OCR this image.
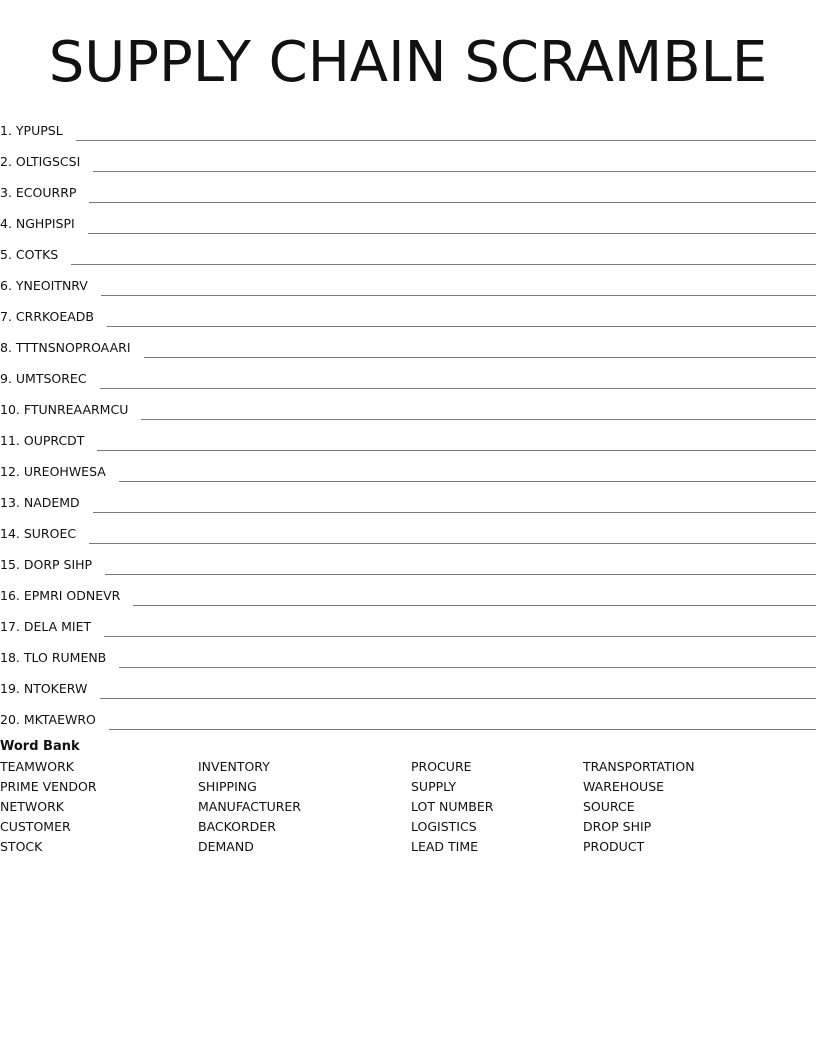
SUPPLY CHAIN SCRAMBLE
1. YPUPSL
2. OLTIGSCSI
3. ECOURRP
4. NGHPISPI
5. COTKS
6. YNEOITNRV
7. CRRKOEADB
8. TTTNSNOPROAARI
9. UMTSOREC
10. FTUNREAARMCU
11. OUPRCDT
12. UREOHWESA
13. NADEMD
14. SUROEC
15. DORP SIHP
16. EPMRI ODNEVR
17. DELA MIET
18. TLO RUMENB
19. NTOKERW
20. MKTAEWRO
Word Bank
TEAMWORK	INVENTORY	PROCURE	TRANSPORTATION
PRIME VENDOR	SHIPPING	SUPPLY	WAREHOUSE
NETWORK	MANUFACTURER	LOT NUMBER	SOURCE
CUSTOMER	BACKORDER	LOGISTICS	DROP SHIP
STOCK	DEMAND	LEAD TIME	PRODUCT
